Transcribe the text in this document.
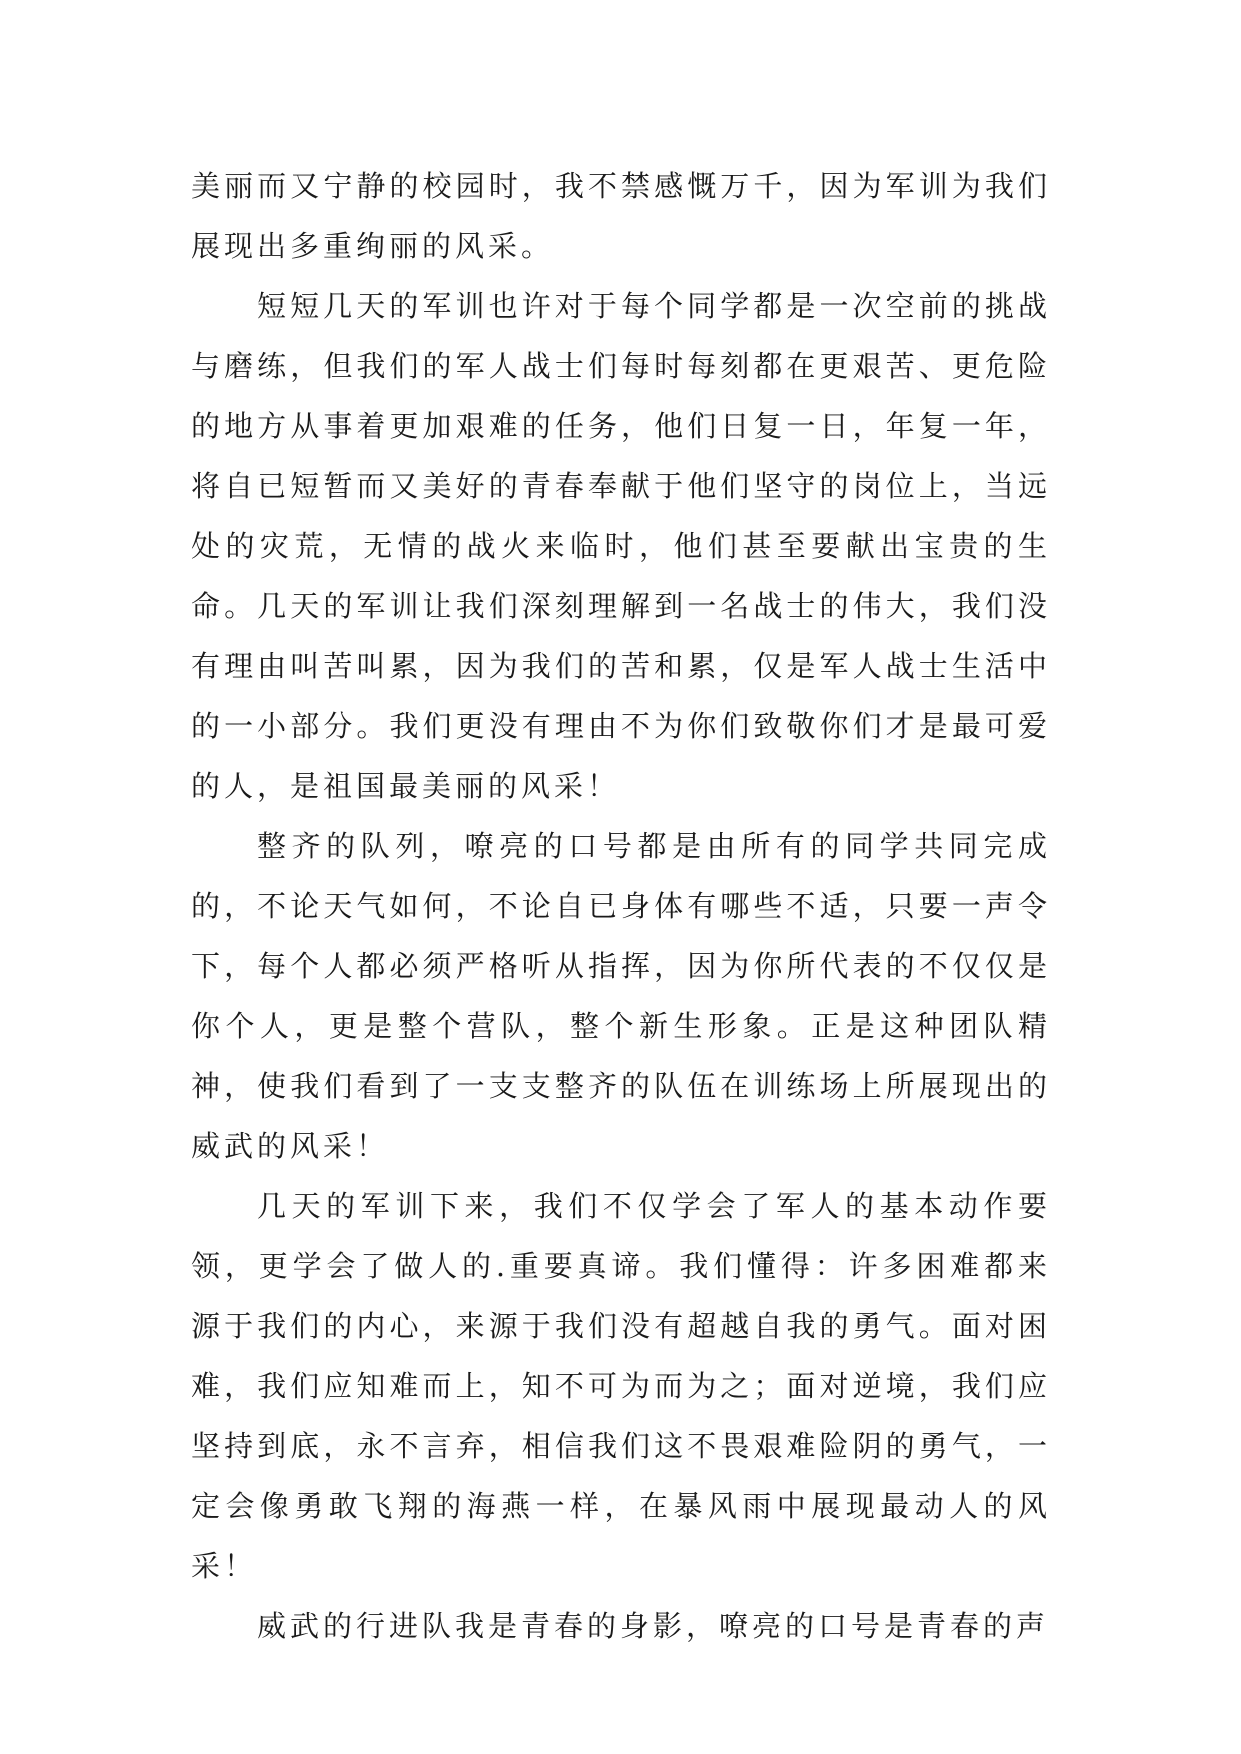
美丽而又宁静的校园时，我不禁感慨万千，因为军训为我们展现出多重绚丽的风采。

短短几天的军训也许对于每个同学都是一次空前的挑战与磨练，但我们的军人战士们每时每刻都在更艰苦、更危险的地方从事着更加艰难的任务，他们日复一日，年复一年，将自已短暂而又美好的青春奉献于他们坚守的岗位上，当远处的灾荒，无情的战火来临时，他们甚至要献出宝贵的生命。几天的军训让我们深刻理解到一名战士的伟大，我们没有理由叫苦叫累，因为我们的苦和累，仅是军人战士生活中的一小部分。我们更没有理由不为你们致敬你们才是最可爱的人，是祖国最美丽的风采！

整齐的队列，嘹亮的口号都是由所有的同学共同完成的，不论天气如何，不论自已身体有哪些不适，只要一声令下，每个人都必须严格听从指挥，因为你所代表的不仅仅是你个人，更是整个营队，整个新生形象。正是这种团队精神，使我们看到了一支支整齐的队伍在训练场上所展现出的威武的风采！

几天的军训下来，我们不仅学会了军人的基本动作要领，更学会了做人的.重要真谛。我们懂得：许多困难都来源于我们的内心，来源于我们没有超越自我的勇气。面对困难，我们应知难而上，知不可为而为之；面对逆境，我们应坚持到底，永不言弃，相信我们这不畏艰难险阴的勇气，一定会像勇敢飞翔的海燕一样，在暴风雨中展现最动人的风采！

威武的行进队我是青春的身影，嘹亮的口号是青春的声
